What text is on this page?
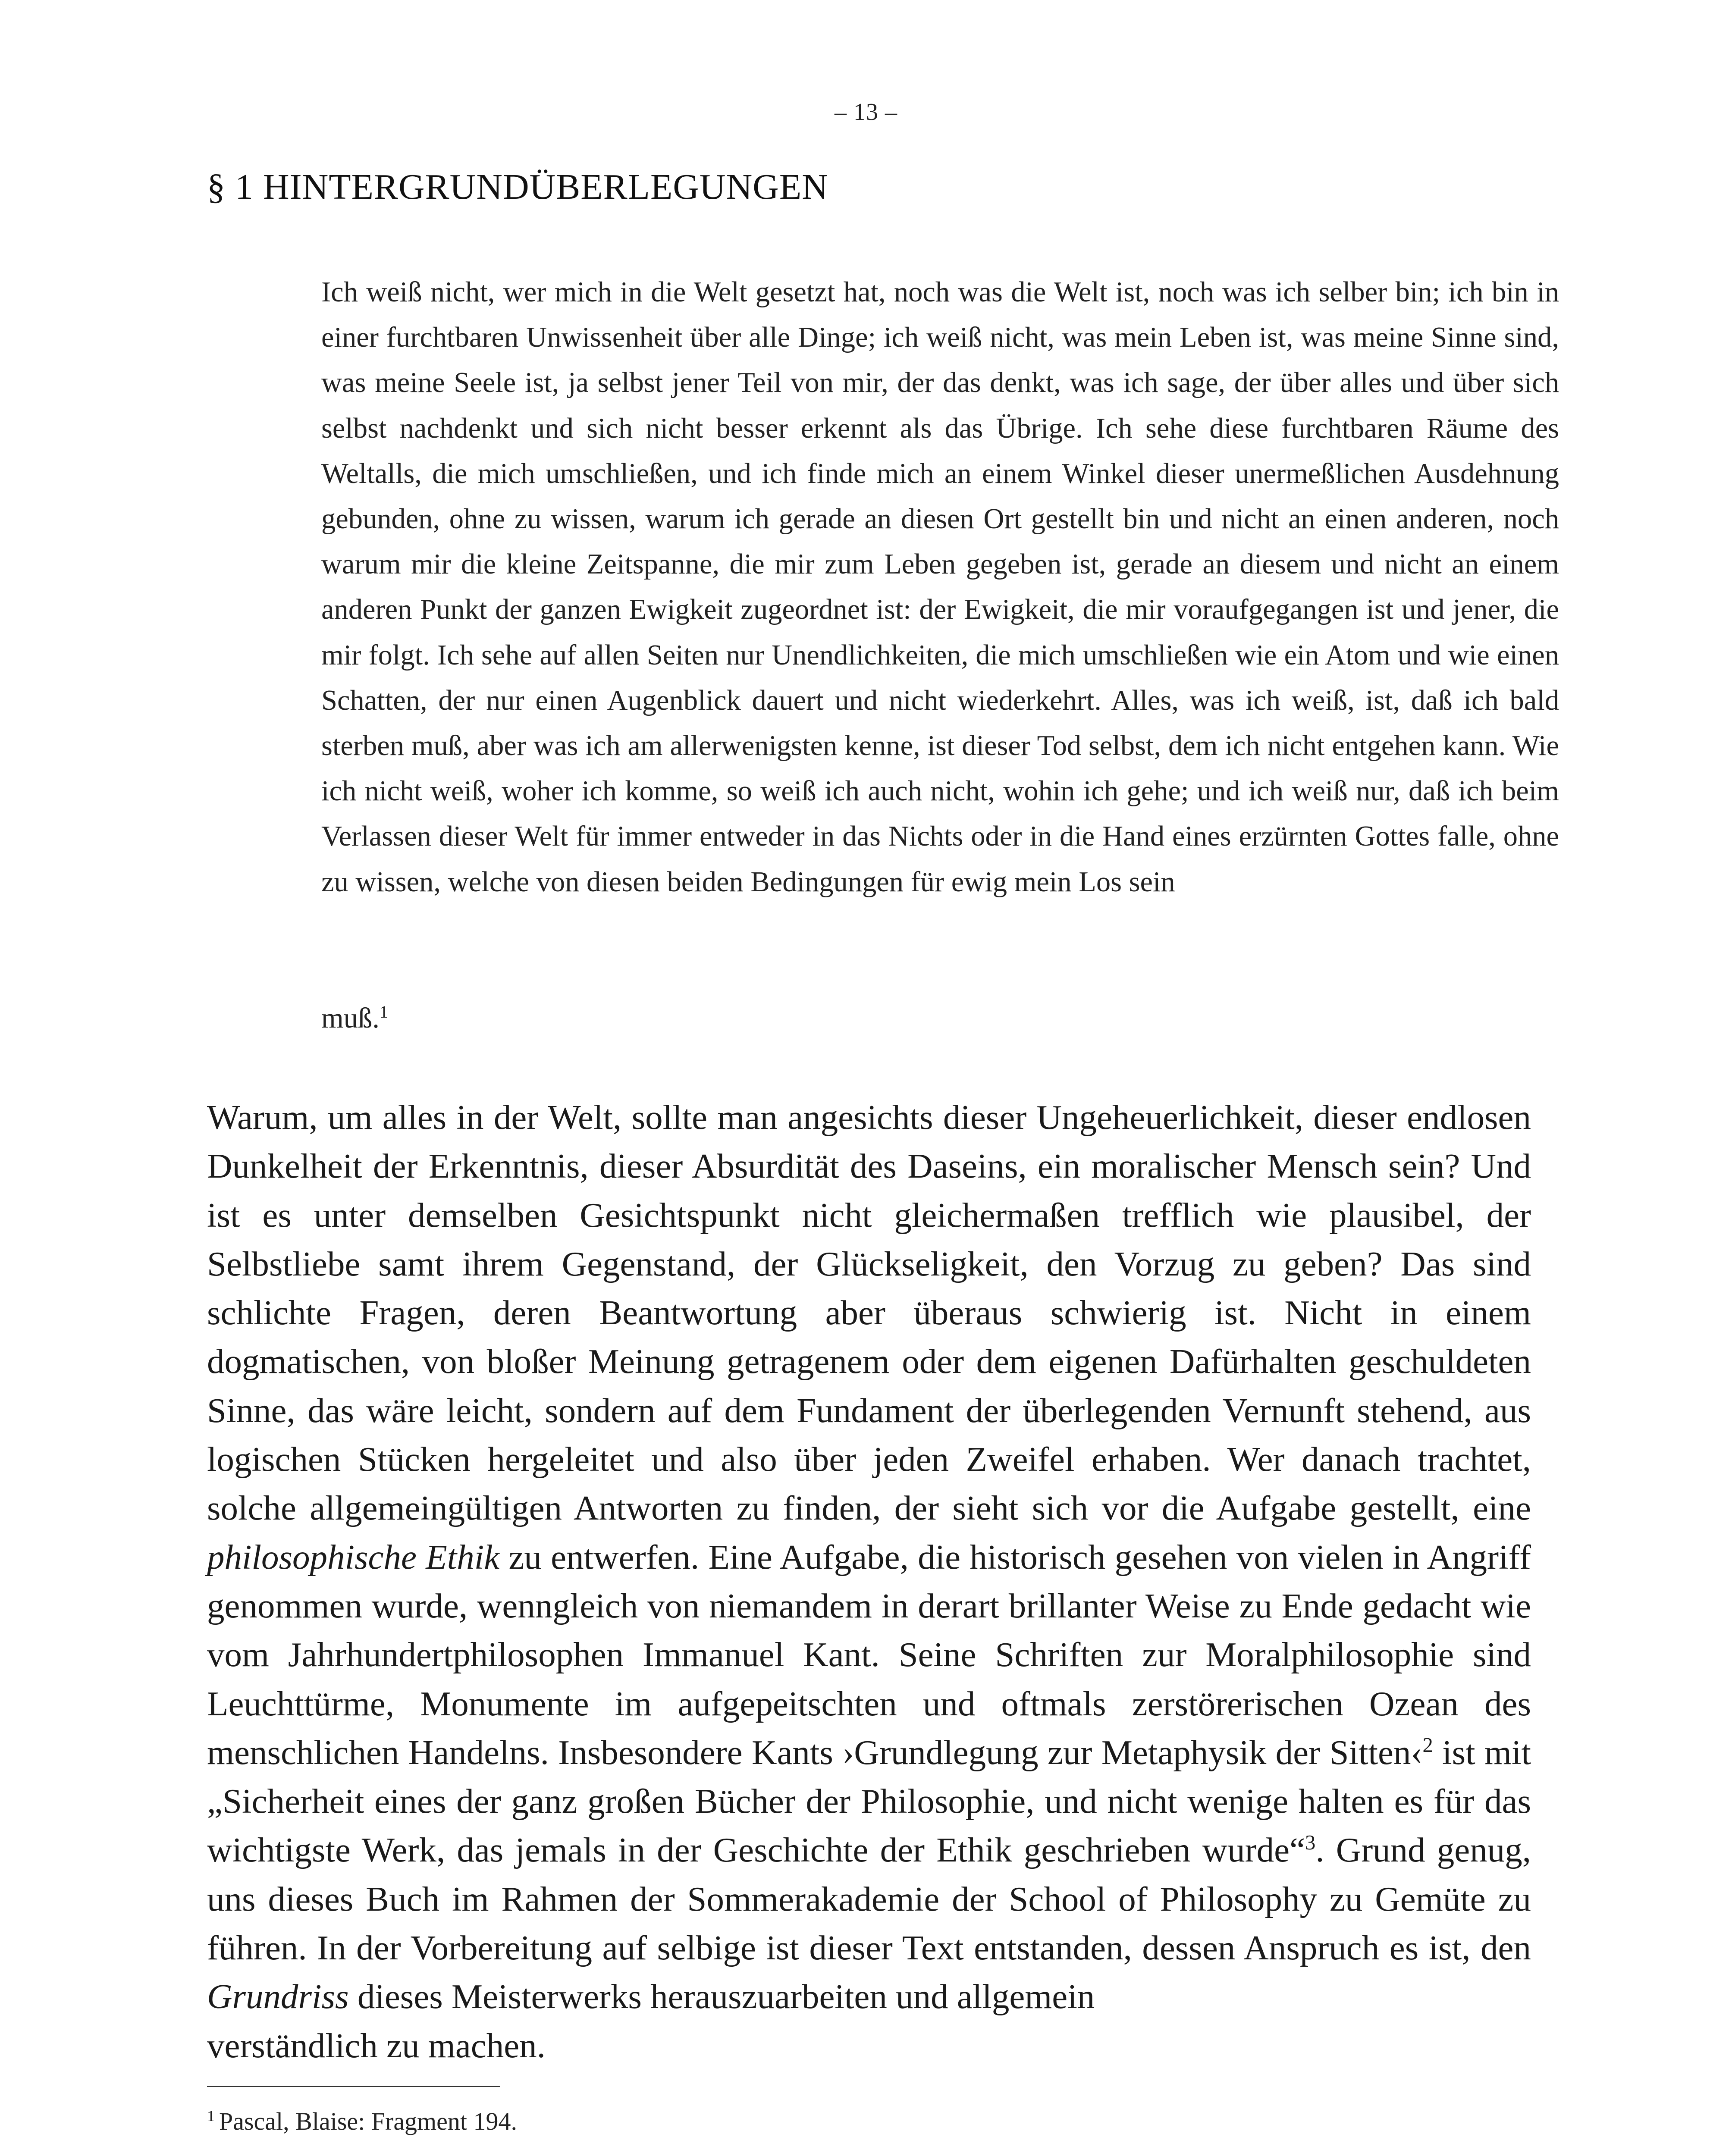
– 13 –
§ 1 HINTERGRUNDÜBERLEGUNGEN

Ich weiß nicht, wer mich in die Welt gesetzt hat, noch was die Welt ist, noch was ich selber bin; ich bin in einer furchtbaren Unwissenheit über alle Dinge; ich weiß nicht, was mein Leben ist, was meine Sinne sind, was meine Seele ist, ja selbst jener Teil von mir, der das denkt, was ich sage, der über alles und über sich selbst nachdenkt und sich nicht besser erkennt als das Übrige. Ich sehe diese furchtbaren Räume des Weltalls, die mich umschließen, und ich finde mich an einem Winkel dieser unermeßlichen Ausdehnung gebunden, ohne zu wissen, warum ich gerade an diesen Ort gestellt bin und nicht an einen anderen, noch warum mir die kleine Zeitspanne, die mir zum Leben gegeben ist, gerade an diesem und nicht an einem anderen Punkt der ganzen Ewigkeit zugeordnet ist: der Ewigkeit, die mir voraufgegangen ist und jener, die mir folgt. Ich sehe auf allen Seiten nur Unendlichkeiten, die mich umschließen wie ein Atom und wie einen Schatten, der nur einen Augenblick dauert und nicht wiederkehrt. Alles, was ich weiß, ist, daß ich bald sterben muß, aber was ich am allerwenigsten kenne, ist dieser Tod selbst, dem ich nicht entgehen kann. Wie ich nicht weiß, woher ich komme, so weiß ich auch nicht, wohin ich gehe; und ich weiß nur, daß ich beim Verlassen dieser Welt für immer entweder in das Nichts oder in die Hand eines erzürnten Gottes falle, ohne zu wissen, welche von diesen beiden Bedingungen für ewig mein Los sein

muß.$^1$

Warum, um alles in der Welt, sollte man angesichts dieser Ungeheuerlichkeit, dieser endlosen Dunkelheit der Erkenntnis, dieser Absurdität des Daseins, ein moralischer Mensch sein? Und ist es unter demselben Gesichtspunkt nicht gleichermaßen trefflich wie plausibel, der Selbstliebe samt ihrem Gegenstand, der Glückseligkeit, den Vorzug zu geben? Das sind schlichte Fragen, deren Beantwortung aber überaus schwierig ist. Nicht in einem dogmatischen, von bloßer Meinung getragenem oder dem eigenen Dafürhalten geschuldeten Sinne, das wäre leicht, sondern auf dem Fundament der überlegenden Vernunft stehend, aus logischen Stücken hergeleitet und also über jeden Zweifel erhaben. Wer danach trachtet, solche allgemeingültigen Antworten zu finden, der sieht sich vor die Aufgabe gestellt, eine philosophische Ethik zu entwerfen. Eine Aufgabe, die historisch gesehen von vielen in Angriff genommen wurde, wenngleich von niemandem in derart brillanter Weise zu Ende gedacht wie vom Jahrhundertphilosophen Immanuel Kant. Seine Schriften zur Moralphilosophie sind Leuchttürme, Monumente im aufgepeitschten und oftmals zerstörerischen Ozean des menschlichen Handelns. Insbesondere Kants ›Grundlegung zur Metaphysik der Sitten‹$^2$ ist mit „Sicherheit eines der ganz großen Bücher der Philosophie, und nicht wenige halten es für das wichtigste Werk, das jemals in der Geschichte der Ethik geschrieben wurde“$^3$. Grund genug, uns dieses Buch im Rahmen der Sommerakademie der School of Philosophy zu Gemüte zu führen. In der Vorbereitung auf selbige ist dieser Text entstanden, dessen Anspruch es ist, den Grundriss dieses Meisterwerks herauszuarbeiten und allgemein

verständlich zu machen.

$^1$ Pascal, Blaise: Fragment 194.
